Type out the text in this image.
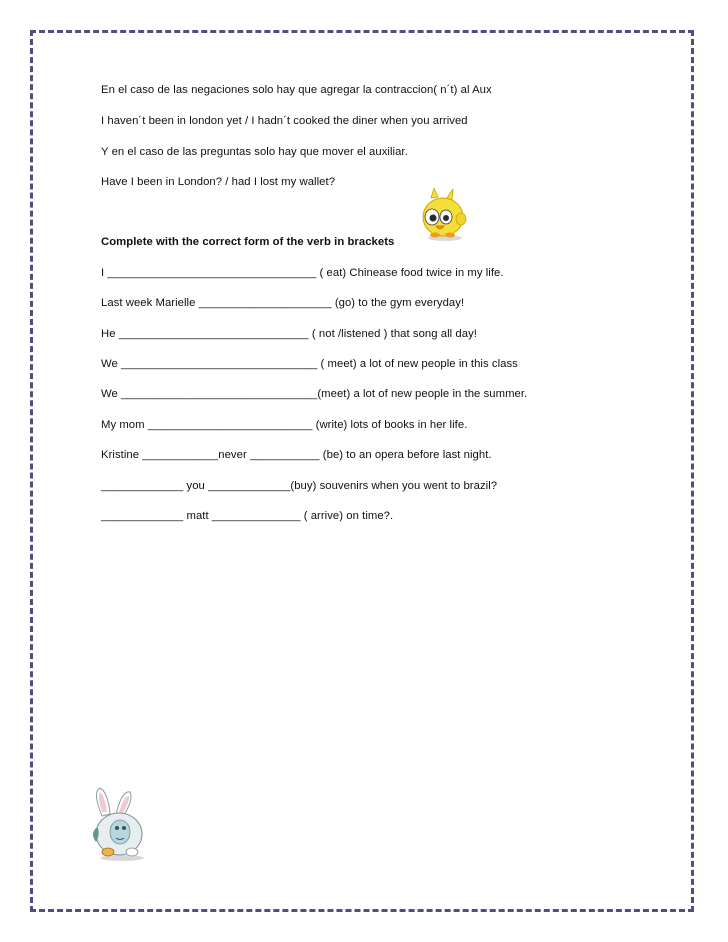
En el caso de las negaciones solo hay que agregar la contraccion( n´t) al Aux
I haven´t been in london yet / I hadn´t cooked the diner when you arrived
Y en el caso de las preguntas solo hay que mover el auxiliar.
Have I been in London? / had I lost my wallet?
Complete with the correct form of the verb in brackets
I _________________________________ ( eat) Chinease food twice in my life.
Last week Marielle _____________________ (go) to the gym everyday!
He ______________________________ ( not /listened ) that song all day!
We _______________________________ ( meet) a lot of new people in this class
We _______________________________(meet) a lot of new people in the summer.
My mom __________________________ (write) lots of books in her life.
Kristine ____________never ___________ (be) to an opera before last night.
_____________ you _____________(buy) souvenirs when you went to brazil?
_____________ matt ______________ ( arrive) on time?.
